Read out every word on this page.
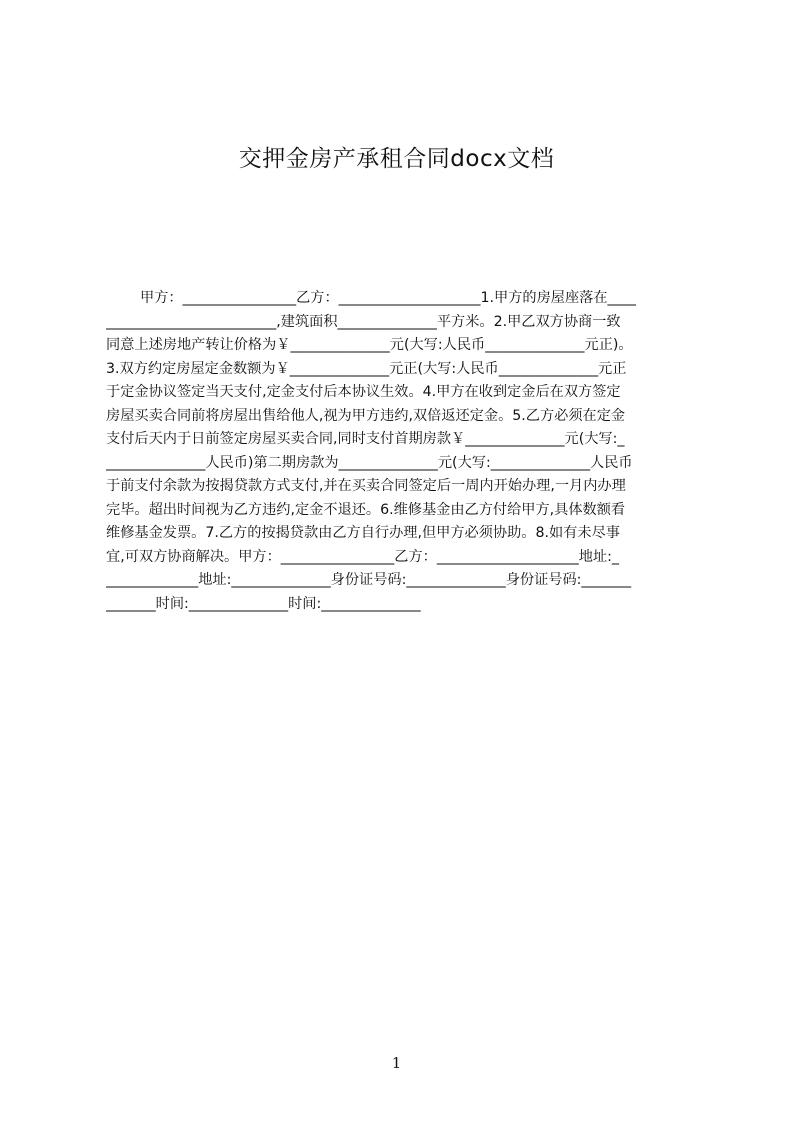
交押金房产承租合同docx文档
甲方：________________乙方：____________________1.甲方的房屋座落在____
________________________,建筑面积______________平方米。2.甲乙双方协商一致
同意上述房地产转让价格为￥______________元(大写:人民币______________元正)。
3.双方约定房屋定金数额为￥______________元正(大写:人民币______________元正
于定金协议签定当天支付,定金支付后本协议生效。4.甲方在收到定金后在双方签定
房屋买卖合同前将房屋出售给他人,视为甲方违约,双倍返还定金。5.乙方必须在定金
支付后天内于日前签定房屋买卖合同,同时支付首期房款￥______________元(大写:_
______________人民币)第二期房款为______________元(大写:______________人民币
于前支付余款为按揭贷款方式支付,并在买卖合同签定后一周内开始办理,一月内办理
完毕。超出时间视为乙方违约,定金不退还。6.维修基金由乙方付给甲方,具体数额看
维修基金发票。7.乙方的按揭贷款由乙方自行办理,但甲方必须协助。8.如有未尽事
宜,可双方协商解决。甲方：________________乙方：____________________地址:_
_____________地址:______________身份证号码:______________身份证号码:_______
_______时间:______________时间:______________
1
